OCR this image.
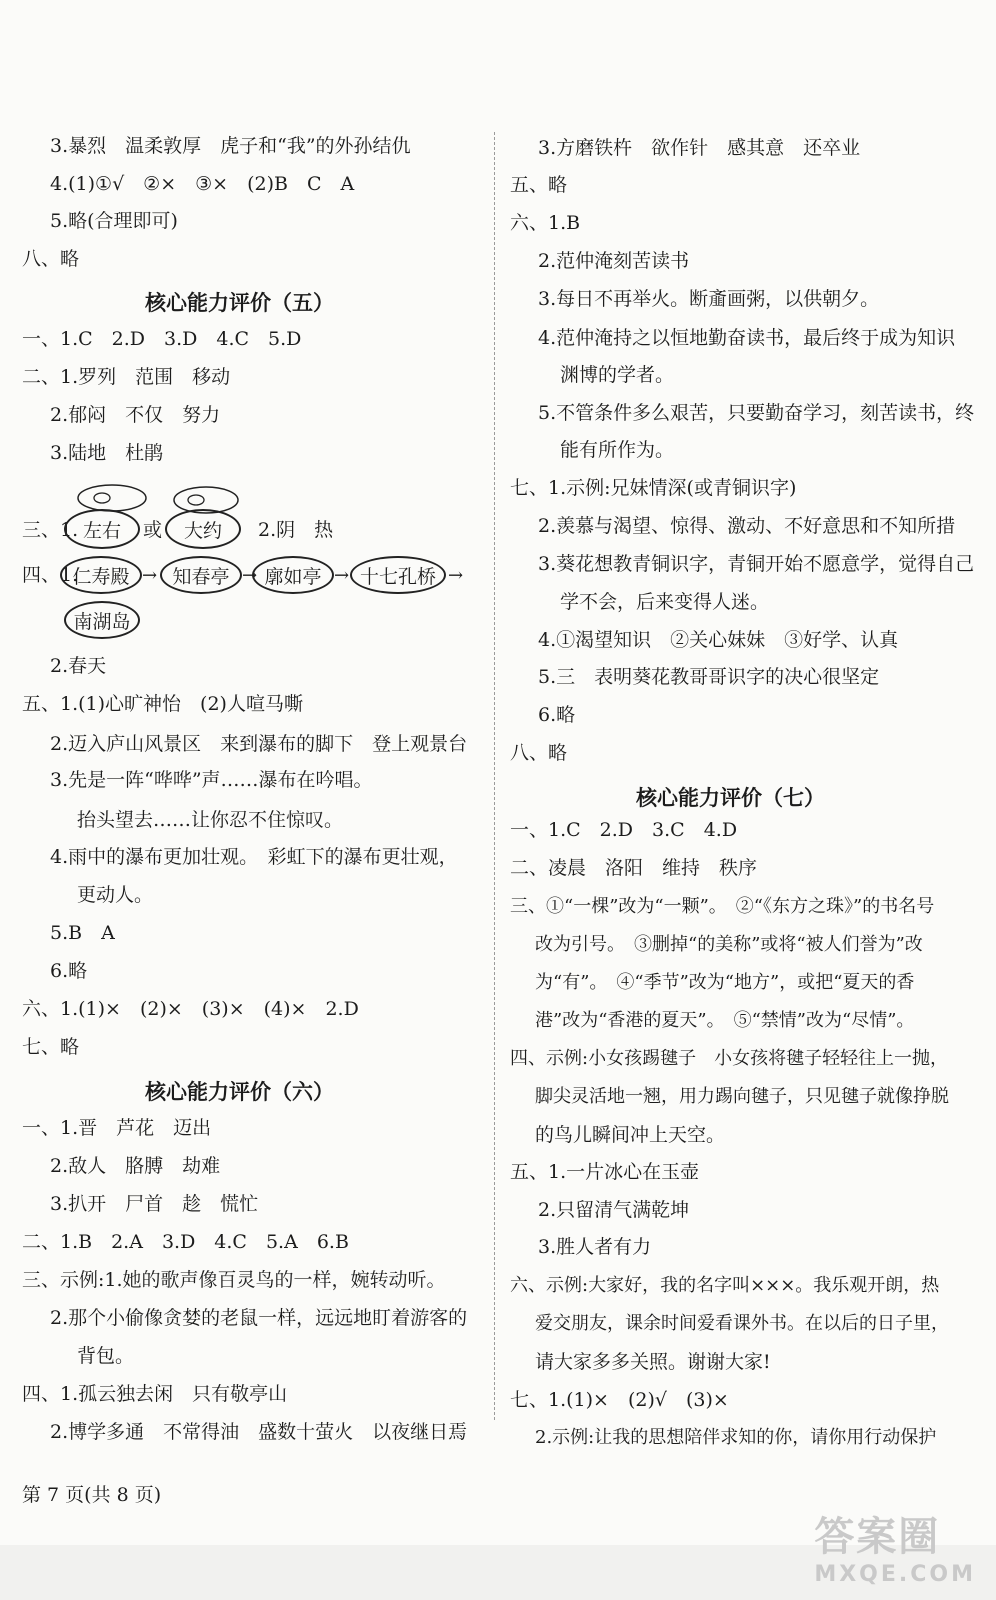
3.暴烈　温柔敦厚　虎子和“我”的外孙结仇
4.(1)①√　②×　③×　(2)B　C　A
5.略(合理即可)
八、略
核心能力评价（五）
一、1.C　2.D　3.D　4.C　5.D
二、1.罗列　范围　移动
2.郁闷　不仅　努力
3.陆地　杜鹃
三、1. 左右	或	大约	2.阴　热
四、1.
仁寿殿 → 知春亭 → 廓如亭 → 十七孔桥 →
南湖岛
2.春天
五、1.(1)心旷神怡　(2)人喧马嘶
2.迈入庐山风景区　来到瀑布的脚下　登上观景台
3.先是一阵“哗哗”声……瀑布在吟唱。
抬头望去……让你忍不住惊叹。
4.雨中的瀑布更加壮观。　彩虹下的瀑布更壮观，
更动人。
5.B　A
6.略
六、1.(1)×　(2)×　(3)×　(4)×　2.D
七、略
核心能力评价（六）
一、1.晋　芦花　迈出
2.敌人　胳膊　劫难
3.扒开　尸首　趁　慌忙
二、1.B　2.A　3.D　4.C　5.A　6.B
三、示例:1.她的歌声像百灵鸟的一样，婉转动听。
2.那个小偷像贪婪的老鼠一样，远远地盯着游客的
背包。
四、1.孤云独去闲　只有敬亭山
2.博学多通　不常得油　盛数十萤火　以夜继日焉
3.方磨铁杵　欲作针　感其意　还卒业
五、略
六、1.B
2.范仲淹刻苦读书
3.每日不再举火。断齑画粥，以供朝夕。
4.范仲淹持之以恒地勤奋读书，最后终于成为知识
渊博的学者。
5.不管条件多么艰苦，只要勤奋学习，刻苦读书，终
能有所作为。
七、1.示例:兄妹情深(或青铜识字)
2.羡慕与渴望、惊得、激动、不好意思和不知所措
3.葵花想教青铜识字，青铜开始不愿意学，觉得自己
学不会，后来变得人迷。
4.①渴望知识　②关心妹妹　③好学、认真
5.三　表明葵花教哥哥识字的决心很坚定
6.略
八、略
核心能力评价（七）
一、1.C　2.D　3.C　4.D
二、凌晨　洛阳　维持　秩序
三、①“一棵”改为“一颗”。　②“《东方之珠》”的书名号
改为引号。　③删掉“的美称”或将“被人们誉为”改
为“有”。　④“季节”改为“地方”，或把“夏天的香
港”改为“香港的夏天”。　⑤“禁情”改为“尽情”。
四、示例:小女孩踢毽子　小女孩将毽子轻轻往上一抛，
脚尖灵活地一翘，用力踢向毽子，只见毽子就像挣脱
的鸟儿瞬间冲上天空。
五、1.一片冰心在玉壶
2.只留清气满乾坤
3.胜人者有力
六、示例:大家好，我的名字叫×××。我乐观开朗，热
爱交朋友，课余时间爱看课外书。在以后的日子里，
请大家多多关照。谢谢大家!
七、1.(1)×　(2)√　(3)×
2.示例:让我的思想陪伴求知的你，请你用行动保护
第 7 页(共 8 页)
答案圈
MXQE.COM
